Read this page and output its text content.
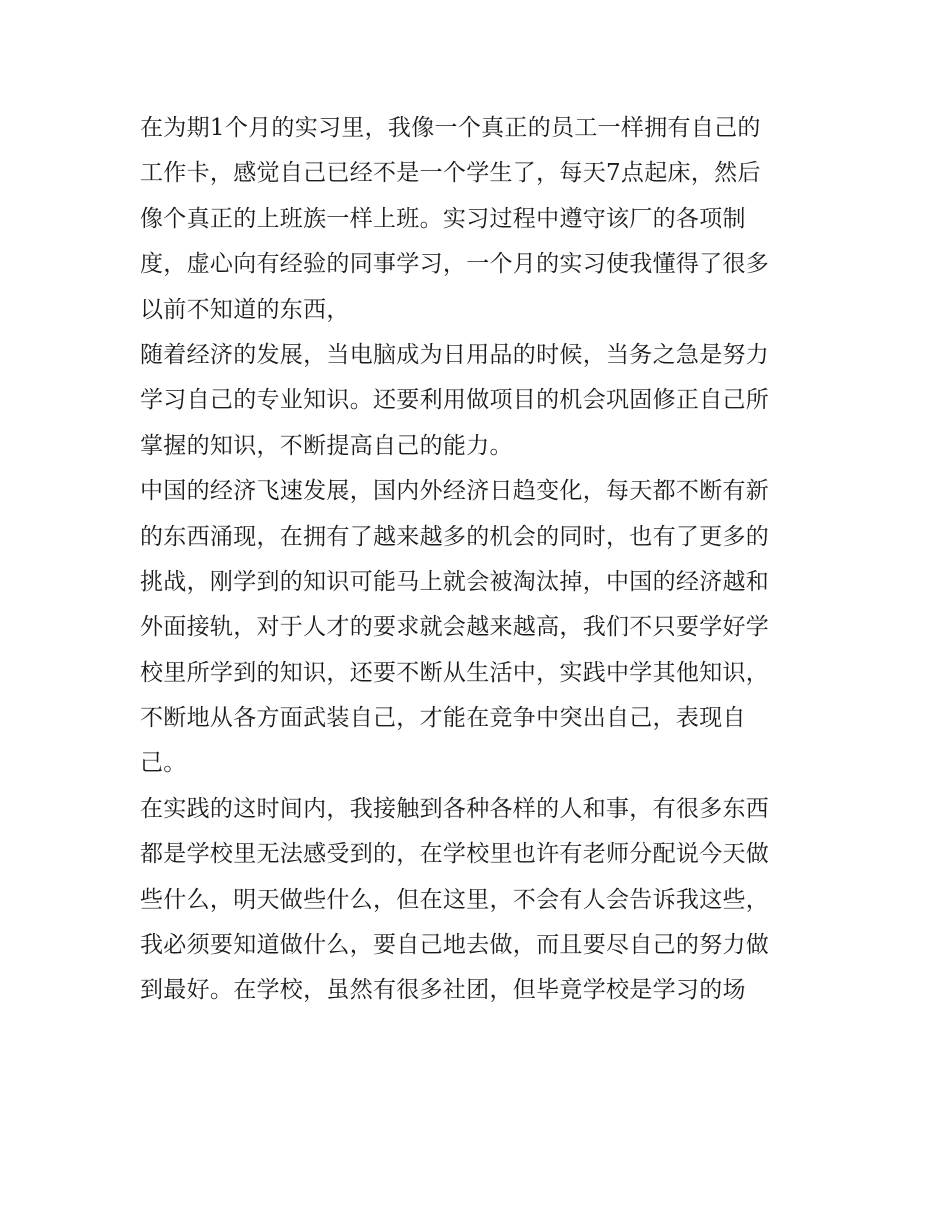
在为期1个月的实习里，我像一个真正的员工一样拥有自己的
工作卡，感觉自己已经不是一个学生了，每天7点起床，然后
像个真正的上班族一样上班。实习过程中遵守该厂的各项制
度，虚心向有经验的同事学习，一个月的实习使我懂得了很多
以前不知道的东西，
随着经济的发展，当电脑成为日用品的时候，当务之急是努力
学习自己的专业知识。还要利用做项目的机会巩固修正自己所
掌握的知识，不断提高自己的能力。
中国的经济飞速发展，国内外经济日趋变化，每天都不断有新
的东西涌现，在拥有了越来越多的机会的同时，也有了更多的
挑战，刚学到的知识可能马上就会被淘汰掉，中国的经济越和
外面接轨，对于人才的要求就会越来越高，我们不只要学好学
校里所学到的知识，还要不断从生活中，实践中学其他知识，
不断地从各方面武装自己，才能在竞争中突出自己，表现自
己。
在实践的这时间内，我接触到各种各样的人和事，有很多东西
都是学校里无法感受到的，在学校里也许有老师分配说今天做
些什么，明天做些什么，但在这里，不会有人会告诉我这些，
我必须要知道做什么，要自己地去做，而且要尽自己的努力做
到最好。在学校，虽然有很多社团，但毕竟学校是学习的场
